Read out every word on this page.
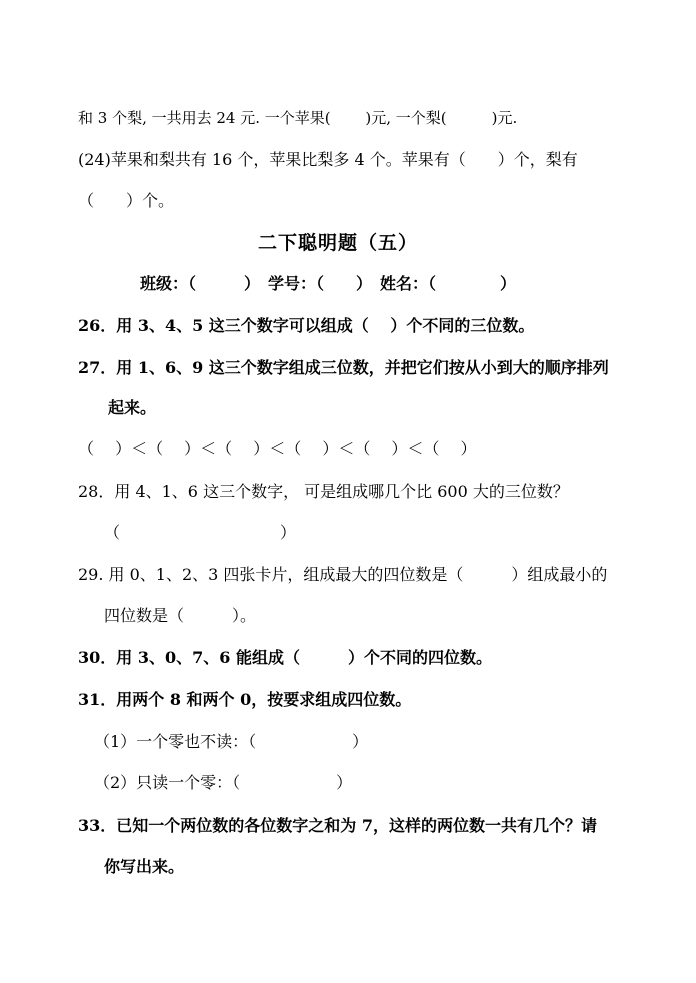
和 3 个梨, 一共用去 24 元. 一个苹果(　　 )元, 一个梨(　　　)元.
(24)苹果和梨共有 16 个，苹果比梨多 4 个。苹果有（　　）个，梨有
（　　）个。
二下聪明题（五）
班级：（　　　）　学号：（　　）　姓名：（　　　　）
26．用 3、4、5 这三个数字可以组成（　 ）个不同的三位数。
27．用 1、6、9 这三个数字组成三位数，并把它们按从小到大的顺序排列
起来。
（　 ）＜（　 ）＜（　 ）＜（　 ）＜（　 ）＜（　 ）
28．用 4、1、6 这三个数字， 可是组成哪几个比 600 大的三位数？
（　　　　　　　　　　）
29. 用 0、1、2、3 四张卡片，组成最大的四位数是（　　　）组成最小的
四位数是（　　　）。
30．用 3、0、7、6 能组成（　　　）个不同的四位数。
31．用两个 8 和两个 0，按要求组成四位数。
（1）一个零也不读：（　　　　　　）
（2）只读一个零：（　　　　　　）
33．已知一个两位数的各位数字之和为 7，这样的两位数一共有几个？请
你写出来。
